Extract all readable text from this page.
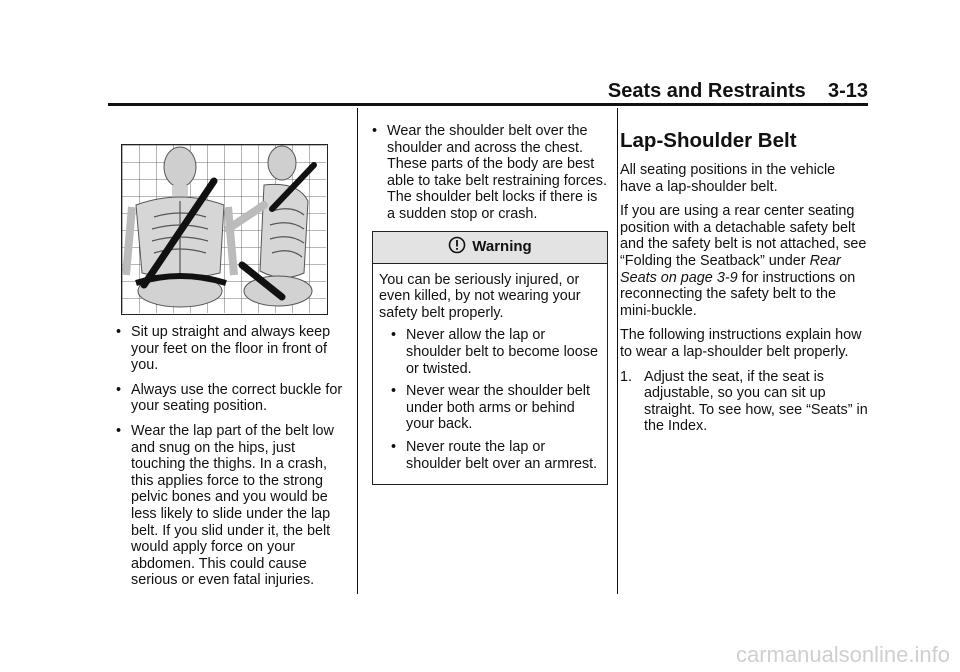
Seats and Restraints 3-13
• Sit up straight and always keep your feet on the floor in front of you.
• Always use the correct buckle for your seating position.
• Wear the lap part of the belt low and snug on the hips, just touching the thighs. In a crash, this applies force to the strong pelvic bones and you would be less likely to slide under the lap belt. If you slid under it, the belt would apply force on your abdomen. This could cause serious or even fatal injuries.
• Wear the shoulder belt over the shoulder and across the chest. These parts of the body are best able to take belt restraining forces. The shoulder belt locks if there is a sudden stop or crash.
Warning
You can be seriously injured, or even killed, by not wearing your safety belt properly.
• Never allow the lap or shoulder belt to become loose or twisted.
• Never wear the shoulder belt under both arms or behind your back.
• Never route the lap or shoulder belt over an armrest.
Lap-Shoulder Belt
All seating positions in the vehicle have a lap-shoulder belt.
If you are using a rear center seating position with a detachable safety belt and the safety belt is not attached, see “Folding the Seatback” under Rear Seats on page 3-9 for instructions on reconnecting the safety belt to the mini-buckle.
The following instructions explain how to wear a lap-shoulder belt properly.
1. Adjust the seat, if the seat is adjustable, so you can sit up straight. To see how, see “Seats” in the Index.
carmanualsonline.info
